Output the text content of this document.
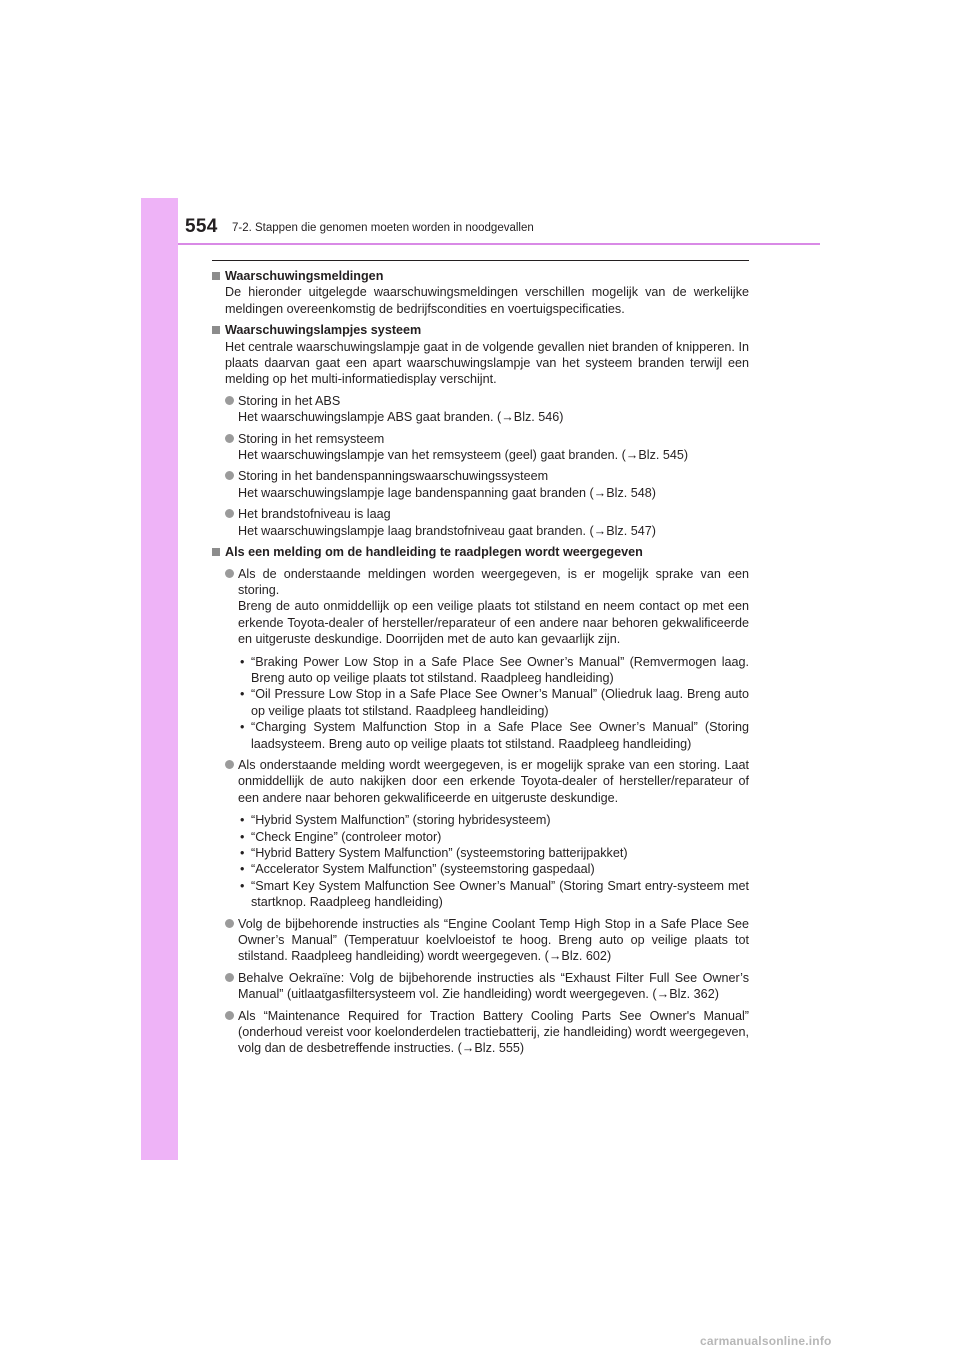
554 7-2. Stappen die genomen moeten worden in noodgevallen
Waarschuwingsmeldingen
De hieronder uitgelegde waarschuwingsmeldingen verschillen mogelijk van de werkelijke meldingen overeenkomstig de bedrijfscondities en voertuigspecificaties.
Waarschuwingslampjes systeem
Het centrale waarschuwingslampje gaat in de volgende gevallen niet branden of knipperen. In plaats daarvan gaat een apart waarschuwingslampje van het systeem branden terwijl een melding op het multi-informatiedisplay verschijnt.
Storing in het ABS
Het waarschuwingslampje ABS gaat branden. (→Blz. 546)
Storing in het remsysteem
Het waarschuwingslampje van het remsysteem (geel) gaat branden. (→Blz. 545)
Storing in het bandenspanningswaarschuwingssysteem
Het waarschuwingslampje lage bandenspanning gaat branden (→Blz. 548)
Het brandstofniveau is laag
Het waarschuwingslampje laag brandstofniveau gaat branden. (→Blz. 547)
Als een melding om de handleiding te raadplegen wordt weergegeven
Als de onderstaande meldingen worden weergegeven, is er mogelijk sprake van een storing.
Breng de auto onmiddellijk op een veilige plaats tot stilstand en neem contact op met een erkende Toyota-dealer of hersteller/reparateur of een andere naar behoren gekwalificeerde en uitgeruste deskundige. Doorrijden met de auto kan gevaarlijk zijn.
• “Braking Power Low Stop in a Safe Place See Owner’s Manual” (Remvermogen laag. Breng auto op veilige plaats tot stilstand. Raadpleeg handleiding)
• “Oil Pressure Low Stop in a Safe Place See Owner’s Manual” (Oliedruk laag. Breng auto op veilige plaats tot stilstand. Raadpleeg handleiding)
• “Charging System Malfunction Stop in a Safe Place See Owner’s Manual” (Storing laadsysteem. Breng auto op veilige plaats tot stilstand. Raadpleeg handleiding)
Als onderstaande melding wordt weergegeven, is er mogelijk sprake van een storing. Laat onmiddellijk de auto nakijken door een erkende Toyota-dealer of hersteller/reparateur of een andere naar behoren gekwalificeerde en uitgeruste deskundige.
• “Hybrid System Malfunction” (storing hybridesysteem)
• “Check Engine” (controleer motor)
• “Hybrid Battery System Malfunction” (systeemstoring batterijpakket)
• “Accelerator System Malfunction” (systeemstoring gaspedaal)
• “Smart Key System Malfunction See Owner’s Manual” (Storing Smart entry-systeem met startknop. Raadpleeg handleiding)
Volg de bijbehorende instructies als “Engine Coolant Temp High Stop in a Safe Place See Owner’s Manual” (Temperatuur koelvloeistof te hoog. Breng auto op veilige plaats tot stilstand. Raadpleeg handleiding) wordt weergegeven. (→Blz. 602)
Behalve Oekraïne: Volg de bijbehorende instructies als “Exhaust Filter Full See Owner’s Manual” (uitlaatgasfiltersysteem vol. Zie handleiding) wordt weergegeven. (→Blz. 362)
Als “Maintenance Required for Traction Battery Cooling Parts See Owner's Manual” (onderhoud vereist voor koelonderdelen tractiebatterij, zie handleiding) wordt weergegeven, volg dan de desbetreffende instructies. (→Blz. 555)
carmanualsonline.info
